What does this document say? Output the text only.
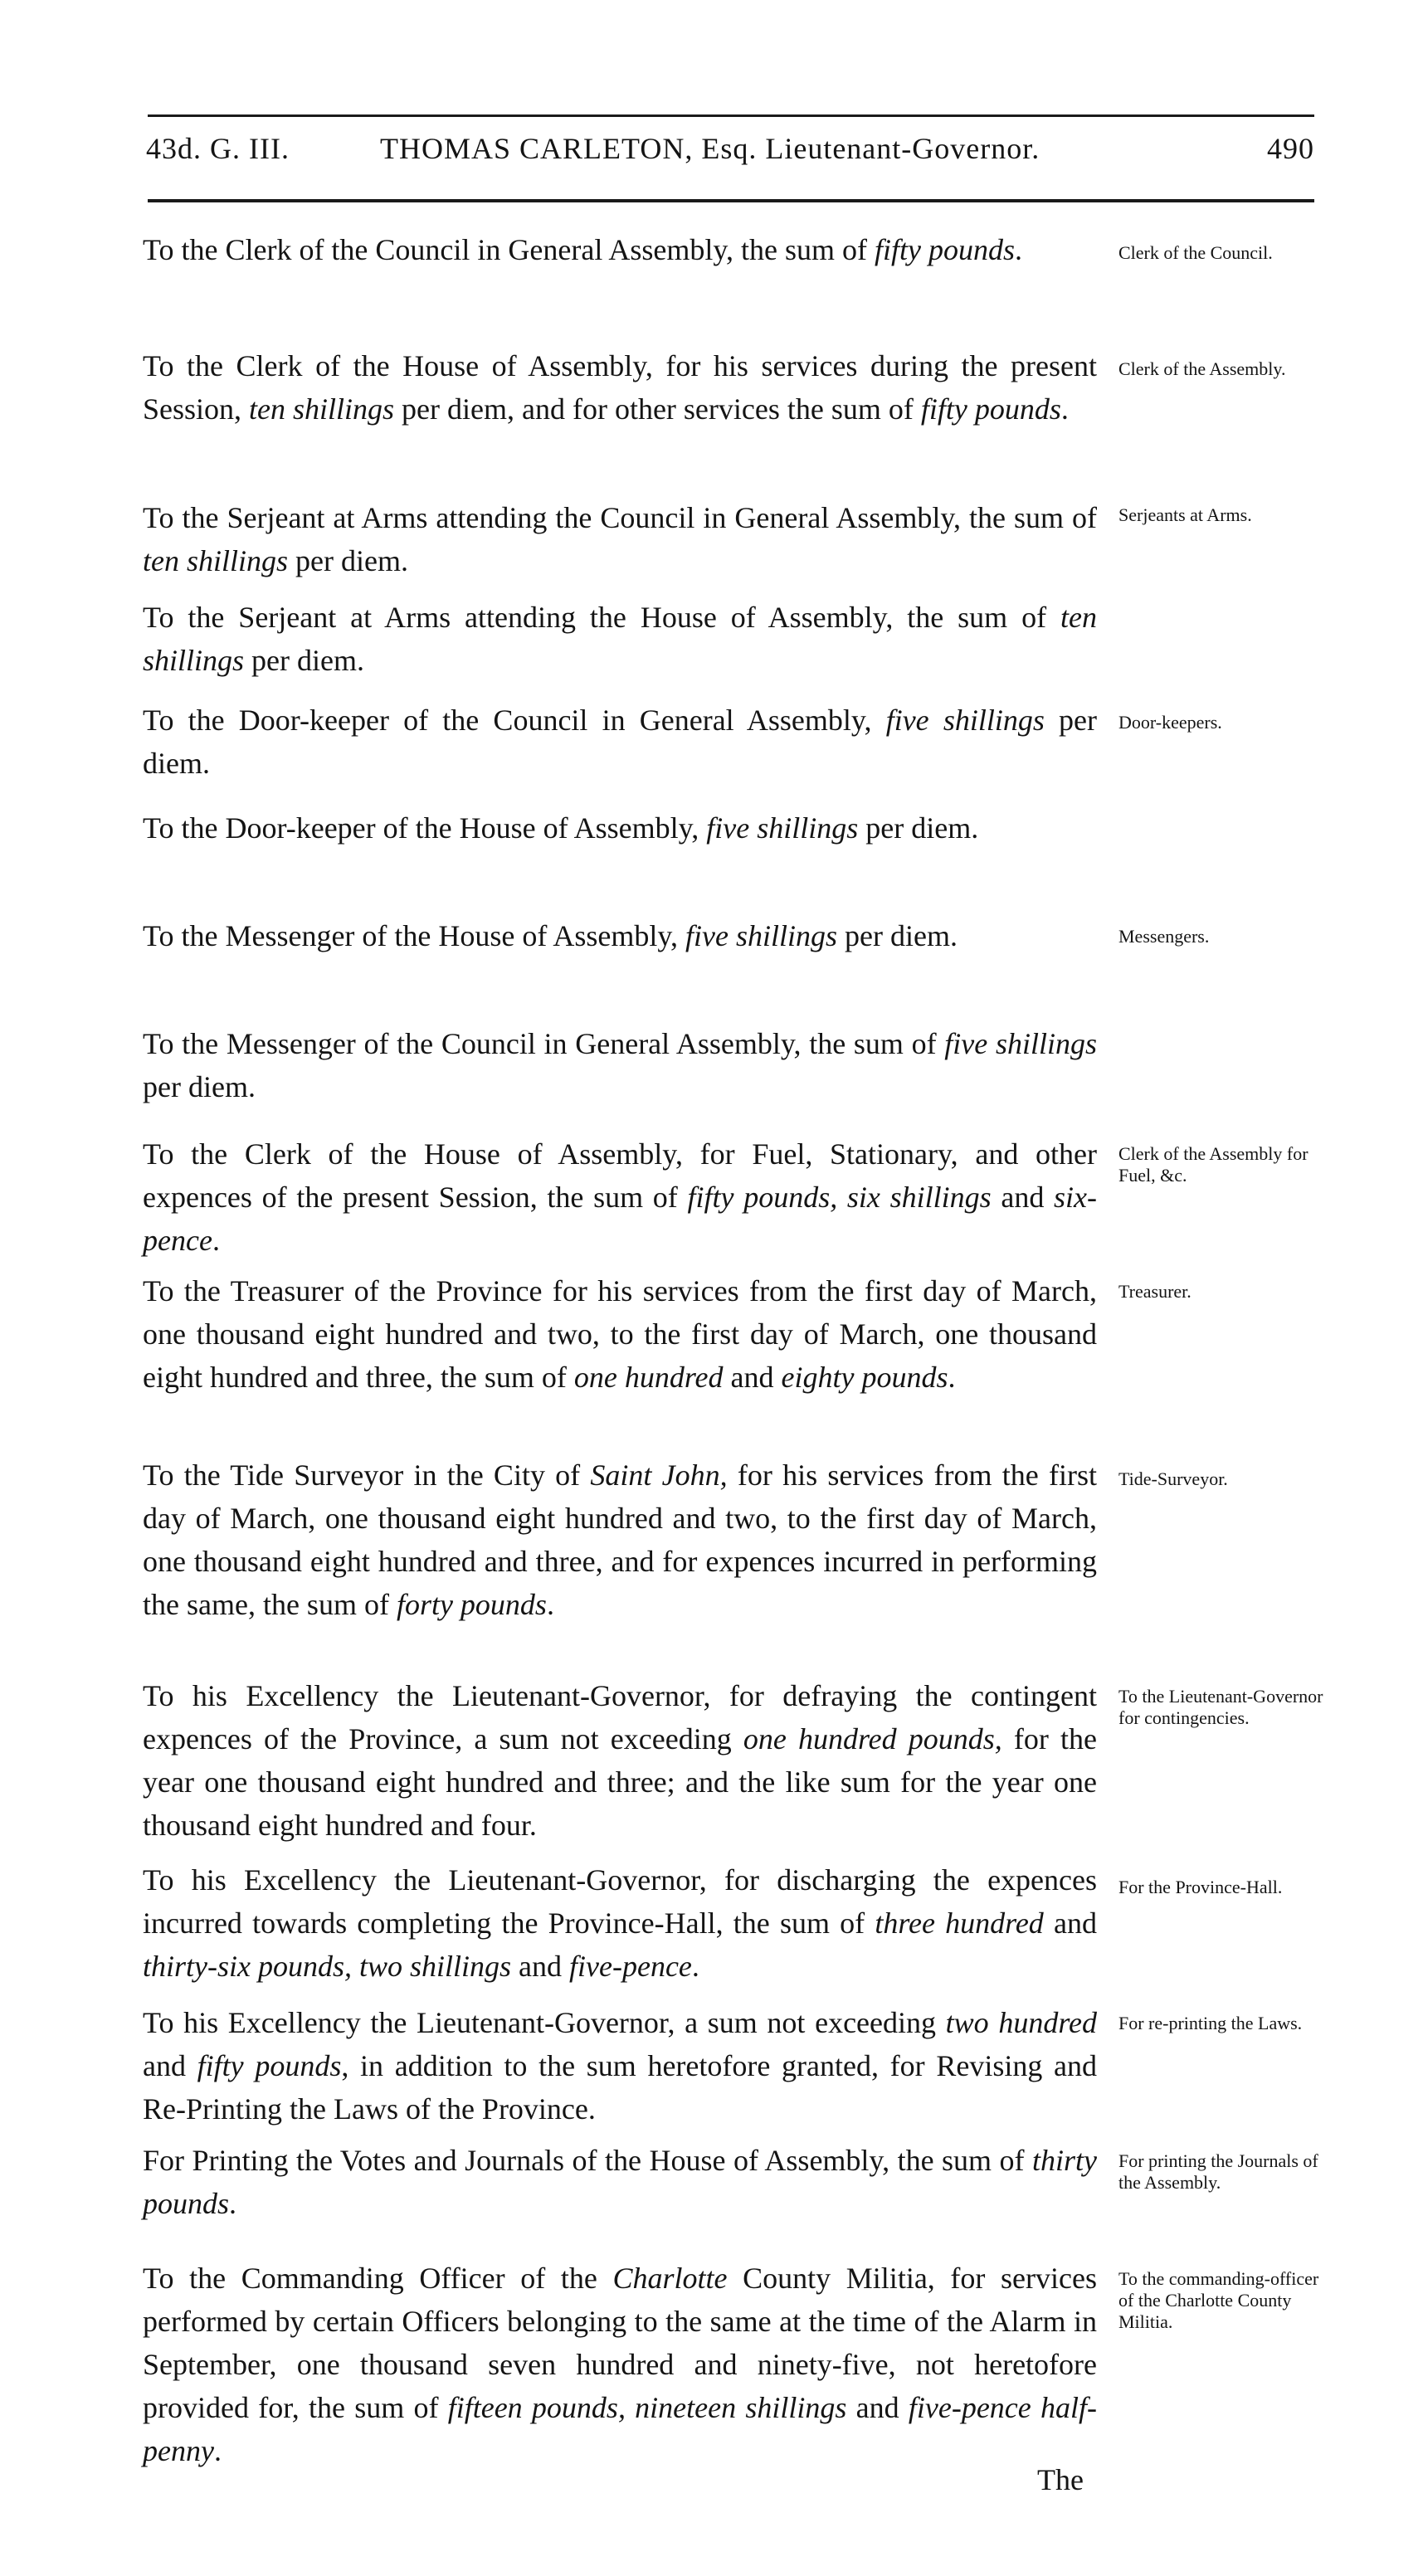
43d. G. III.	THOMAS CARLETON, Esq. Lieutenant-Governor.	490

To the Clerk of the Council in General Assembly, the sum of fifty pounds.	Clerk of the Council.

To the Clerk of the House of Assembly, for his services during the present Session, ten shillings per diem, and for other services the sum of fifty pounds.

Clerk of the Assembly.

To the Serjeant at Arms attending the Council in General Assembly, the sum of ten shillings per diem.

Serjeants at Arms.

To the Serjeant at Arms attending the House of Assembly, the sum of ten shillings per diem.

To the Door-keeper of the Council in General Assembly, five shillings per diem.

Door-keepers.

To the Door-keeper of the House of Assembly, five shillings per diem.

To the Messenger of the House of Assembly, five shillings per diem.	Messengers.

To the Messenger of the Council in General Assembly, the sum of five shillings per diem.

To the Clerk of the House of Assembly, for Fuel, Stationary, and other expences of the present Session, the sum of fifty pounds, six shillings and six-pence.

Clerk of the Assembly for Fuel, &c.

To the Treasurer of the Province for his services from the first day of March, one thousand eight hundred and two, to the first day of March, one thousand eight hundred and three, the sum of one hundred and eighty pounds.

Treasurer.

To the Tide Surveyor in the City of Saint John, for his services from the first day of March, one thousand eight hundred and two, to the first day of March, one thousand eight hundred and three, and for expences incurred in performing the same, the sum of forty pounds.

Tide-Surveyor.

To his Excellency the Lieutenant-Governor, for defraying the contingent expences of the Province, a sum not exceeding one hundred pounds, for the year one thousand eight hundred and three; and the like sum for the year one thousand eight hundred and four.

To the Lieutenant-Governor for contingencies.

To his Excellency the Lieutenant-Governor, for discharging the expences incurred towards completing the Province-Hall, the sum of three hundred and thirty-six pounds, two shillings and five-pence.

For the Province-Hall.

To his Excellency the Lieutenant-Governor, a sum not exceeding two hundred and fifty pounds, in addition to the sum heretofore granted, for Revising and Re-Printing the Laws of the Province.

For re-printing the Laws.

For Printing the Votes and Journals of the House of Assembly, the sum of thirty pounds.

For printing the Journals of the Assembly.

To the Commanding Officer of the Charlotte County Militia, for services performed by certain Officers belonging to the same at the time of the Alarm in September, one thousand seven hundred and ninety-five, not heretofore provided for, the sum of fifteen pounds, nineteen shillings and five-pence half-penny.

To the commanding-officer of the Charlotte County Militia.
The
